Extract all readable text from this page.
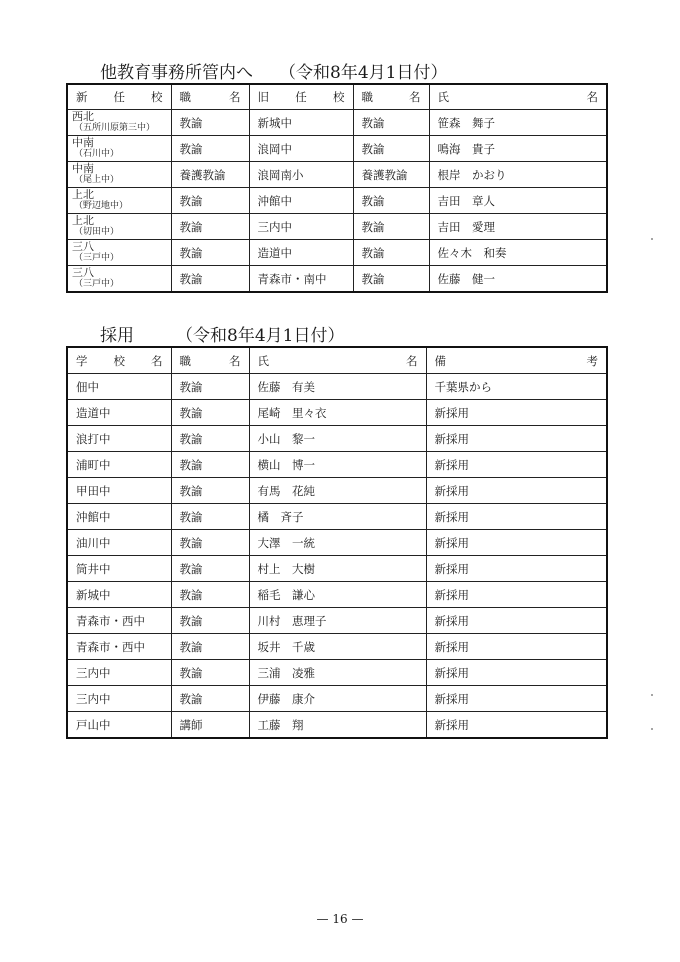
他教育事務所管内へ （令和8年4月1日付）
新 任 校	職 名	旧 任 校	職 名	氏 名

西北
（五所川原第三中）	教諭	新城中	教諭	笹森　舞子

中南
（石川中）	教諭	浪岡中	教諭	鳴海　貴子

中南
（尾上中）	養護教諭	浪岡南小	養護教諭	根岸　かおり

上北
（野辺地中）	教諭	沖館中	教諭	吉田　章人

上北
（切田中）	教諭	三内中	教諭	吉田　愛理

三八
（三戸中）	教諭	造道中	教諭	佐々木　和奏

三八
（三戸中）	教諭	青森市・南中	教諭	佐藤　健一
採用 （令和8年4月1日付）
学 校 名	職 名	氏 名	備 考

佃中	教諭	佐藤　有美	千葉県から
造道中	教諭	尾崎　里々衣	新採用
浪打中	教諭	小山　黎一	新採用
浦町中	教諭	横山　博一	新採用
甲田中	教諭	有馬　花純	新採用
沖館中	教諭	橘　斉子	新採用
油川中	教諭	大澤　一統	新採用
筒井中	教諭	村上　大樹	新採用
新城中	教諭	稲毛　謙心	新採用
青森市・西中	教諭	川村　恵理子	新採用
青森市・西中	教諭	坂井　千歳	新採用
三内中	教諭	三浦　凌雅	新採用
三内中	教諭	伊藤　康介	新採用
戸山中	講師	工藤　翔	新採用
— 16 —
